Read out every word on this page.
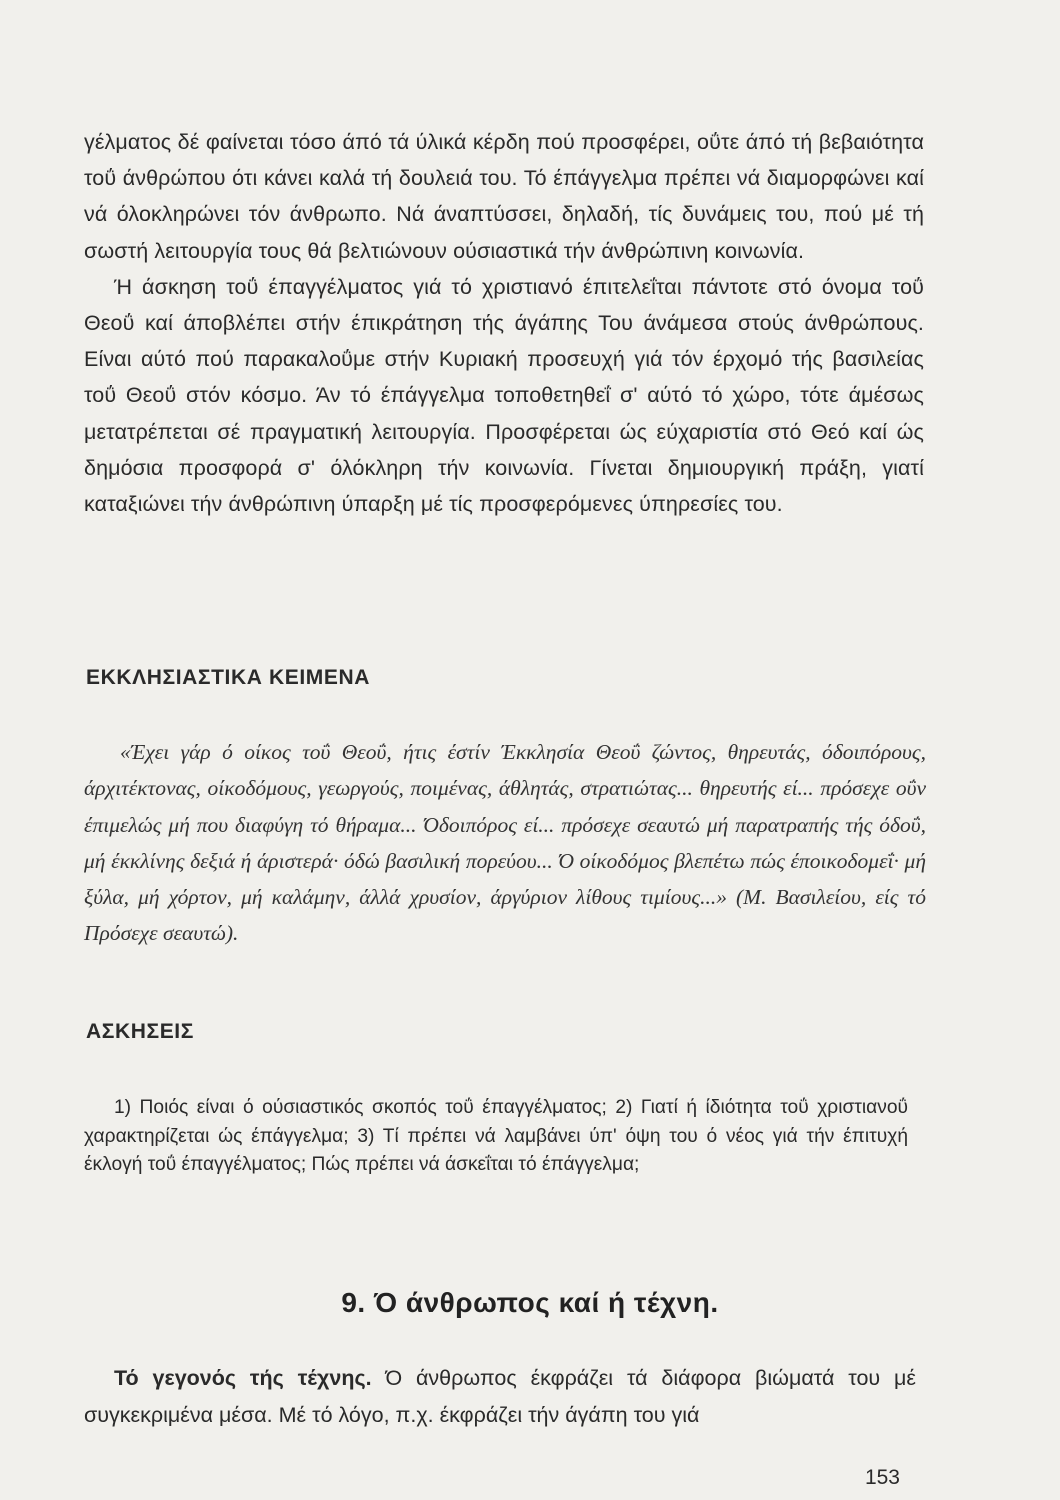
γέλματος δέ φαίνεται τόσο άπό τά ύλικά κέρδη πού προσφέρει, οΰτε άπό τή βεβαιότητα τοΰ άνθρώπου ότι κάνει καλά τή δουλειά του. Τό έπάγγελμα πρέπει νά διαμορφώνει καί νά όλοκληρώνει τόν άνθρωπο. Νά άναπτύσσει, δηλαδή, τίς δυνάμεις του, πού μέ τή σωστή λειτουργία τους θά βελτιώνουν ούσιαστικά τήν άνθρώπινη κοινωνία.

Ή άσκηση τοΰ έπαγγέλματος γιά τό χριστιανό έπιτελεΐται πάντοτε στό όνομα τοΰ Θεοΰ καί άποβλέπει στήν έπικράτηση τής άγάπης Του άνάμεσα στούς άνθρώπους. Είναι αύτό πού παρακαλοΰμε στήν Κυριακή προσευχή γιά τόν έρχομό τής βασιλείας τοΰ Θεοΰ στόν κόσμο. Άν τό έπάγγελμα τοποθετηθεΐ σ' αύτό τό χώρο, τότε άμέσως μετατρέπεται σέ πραγματική λειτουργία. Προσφέρεται ώς εύχαριστία στό Θεό καί ώς δημόσια προσφορά σ' όλόκληρη τήν κοινωνία. Γίνεται δημιουργική πράξη, γιατί καταξιώνει τήν άνθρώπινη ύπαρξη μέ τίς προσφερόμενες ύπηρεσίες του.

ΕΚΚΛΗΣΙΑΣΤΙΚΑ ΚΕΙΜΕΝΑ

«Έχει γάρ ό οίκος τοΰ Θεοΰ, ήτις έστίν Έκκλησία Θεοΰ ζώντος, θηρευτάς, όδοιπόρους, άρχιτέκτονας, οίκοδόμους, γεωργούς, ποιμένας, άθλητάς, στρατιώτας... θηρευτής εί... πρόσεχε οΰν έπιμελώς μή που διαφύγη τό θήραμα... Όδοιπόρος εί... πρόσεχε σεαυτώ μή παρατραπής τής όδοΰ, μή έκκλίνης δεξιά ή άριστερά· όδώ βασιλική πορεύου... Ό οίκοδόμος βλεπέτω πώς έποικοδομεΐ· μή ξύλα, μή χόρτον, μή καλάμην, άλλά χρυσίον, άργύριον λίθους τιμίους...» (Μ. Βασιλείου, είς τό Πρόσεχε σεαυτώ).

ΑΣΚΗΣΕΙΣ

1) Ποιός είναι ό ούσιαστικός σκοπός τοΰ έπαγγέλματος; 2) Γιατί ή ίδιότητα τοΰ χριστιανοΰ χαρακτηρίζεται ώς έπάγγελμα; 3) Τί πρέπει νά λαμβάνει ύπ' όψη του ό νέος γιά τήν έπιτυχή έκλογή τοΰ έπαγγέλματος; Πώς πρέπει νά άσκεΐται τό έπάγγελμα;

9. Ό άνθρωπος καί ή τέχνη.

Τό γεγονός τής τέχνης. Ό άνθρωπος έκφράζει τά διάφορα βιώματά του μέ συγκεκριμένα μέσα. Μέ τό λόγο, π.χ. έκφράζει τήν άγάπη του γιά

153
